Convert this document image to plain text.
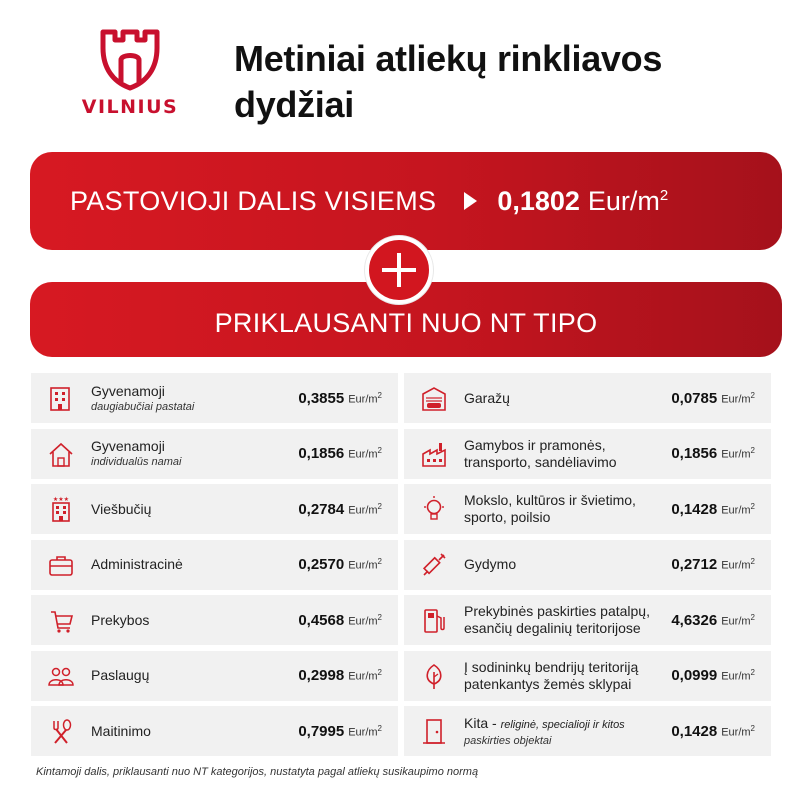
VILNIUS
Metiniai atliekų rinkliavos
dydžiai
PASTOVIOJI DALIS VISIEMS 0,1802 Eur/$m^2$
PRIKLAUSANTI NUO NT TIPO
Gyvenamoji
daugiabučiai pastatai	0,3855 Eur/$m^2$
Gyvenamoji
individualūs namai	0,1856 Eur/$m^2$
★★★
Viešbučių	0,2784 Eur/$m^2$
Administracinė	0,2570 Eur/$m^2$
Prekybos	0,4568 Eur/$m^2$
Paslaugų	0,2998 Eur/$m^2$
Maitinimo	0,7995 Eur/$m^2$
Garažų	0,0785 Eur/$m^2$
Gamybos ir pramonės,
transporto, sandėliavimo	0,1856 Eur/$m^2$
Mokslo, kultūros ir švietimo,
sporto, poilsio	0,1428 Eur/$m^2$
Gydymo	0,2712 Eur/$m^2$
Prekybinės paskirties patalpų,
esančių degalinių teritorijose	4,6326 Eur/$m^2$
Į sodininkų bendrijų teritoriją
patenkantys žemės sklypai	0,0999 Eur/$m^2$
Kita - religinė, specialioji ir kitos
paskirties objektai
0,1428 Eur/$m^2$
Kintamoji dalis, priklausanti nuo NT kategorijos, nustatyta pagal atliekų susikaupimo normą
